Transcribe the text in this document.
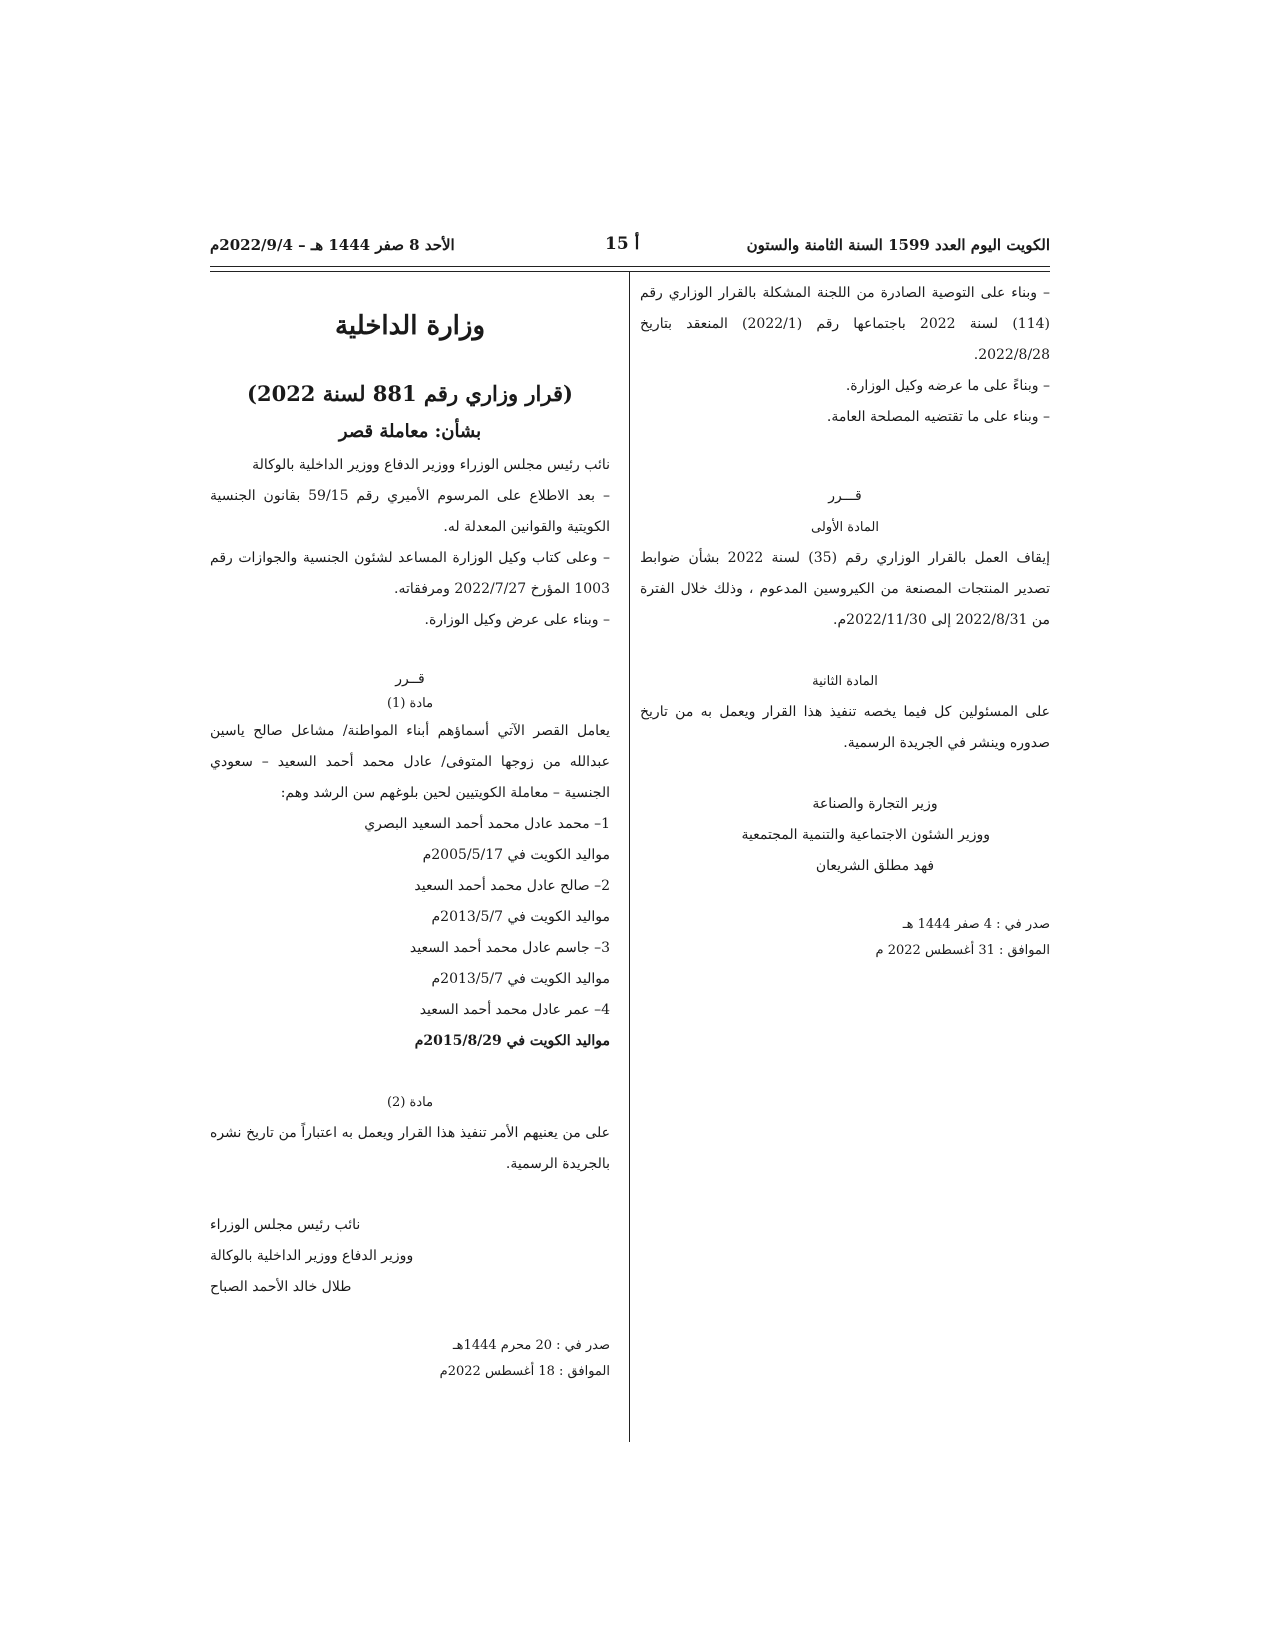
الكويت اليوم العدد 1599 السنة الثامنة والستون
أ 15
الأحد 8 صفر 1444 هـ – 2022/9/4م

– وبناء على التوصية الصادرة من اللجنة المشكلة بالقرار الوزاري رقم (114) لسنة 2022 باجتماعها رقم (2022/1) المنعقد بتاريخ 2022/8/28.

– وبناءً على ما عرضه وكيل الوزارة.

– وبناء على ما تقتضيه المصلحة العامة.

قـــرر

المادة الأولى

إيقاف العمل بالقرار الوزاري رقم (35) لسنة 2022 بشأن ضوابط تصدير المنتجات المصنعة من الكيروسين المدعوم ، وذلك خلال الفترة من 2022/8/31 إلى 2022/11/30م.

المادة الثانية

على المسئولين كل فيما يخصه تنفيذ هذا القرار ويعمل به من تاريخ صدوره وينشر في الجريدة الرسمية.

وزير التجارة والصناعة

ووزير الشئون الاجتماعية والتنمية المجتمعية

فهد مطلق الشريعان

صدر في : 4 صفر 1444 هـ

الموافق : 31 أغسطس 2022 م

وزارة الداخلية

(قرار وزاري رقم 881 لسنة 2022)

بشأن: معاملة قصر

نائب رئيس مجلس الوزراء ووزير الدفاع ووزير الداخلية بالوكالة

– بعد الاطلاع على المرسوم الأميري رقم 59/15 بقانون الجنسية الكويتية والقوانين المعدلة له.

– وعلى كتاب وكيل الوزارة المساعد لشئون الجنسية والجوازات رقم 1003 المؤرخ 2022/7/27 ومرفقاته.

– وبناء على عرض وكيل الوزارة.

قــرر

مادة (1)

يعامل القصر الآتي أسماؤهم أبناء المواطنة/ مشاعل صالح ياسين عبدالله من زوجها المتوفى/ عادل محمد أحمد السعيد – سعودي الجنسية – معاملة الكويتيين لحين بلوغهم سن الرشد وهم:

1– محمد عادل محمد أحمد السعيد البصري

مواليد الكويت في 2005/5/17م

2– صالح عادل محمد أحمد السعيد

مواليد الكويت في 2013/5/7م

3– جاسم عادل محمد أحمد السعيد

مواليد الكويت في 2013/5/7م

4– عمر عادل محمد أحمد السعيد

مواليد الكويت في 2015/8/29م

مادة (2)

على من يعنيهم الأمر تنفيذ هذا القرار ويعمل به اعتباراً من تاريخ نشره بالجريدة الرسمية.

نائب رئيس مجلس الوزراء

ووزير الدفاع ووزير الداخلية بالوكالة

طلال خالد الأحمد الصباح

صدر في : 20 محرم 1444هـ

الموافق : 18 أغسطس 2022م
